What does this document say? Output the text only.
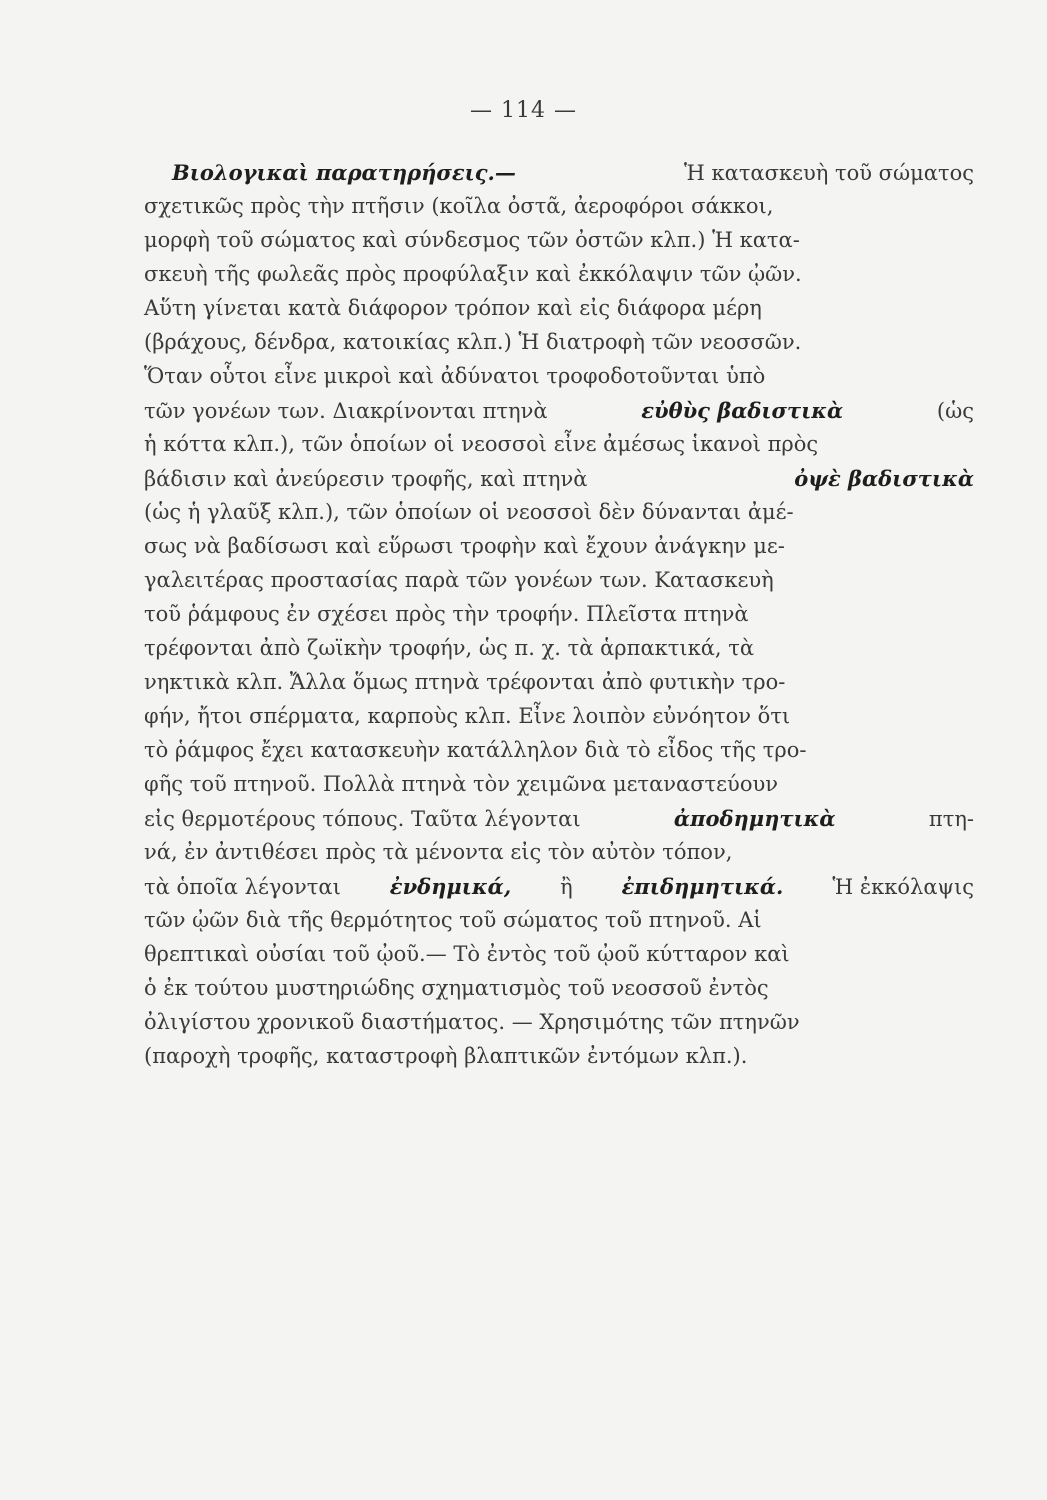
— 114 —
Βιολογικαὶ παρατηρήσεις.—	Ἡ κατασκευὴ τοῦ σώματος
σχετικῶς πρὸς τὴν πτῆσιν (κοῖλα ὀστᾶ, ἀεροφόροι σάκκοι,
μορφὴ τοῦ σώματος καὶ σύνδεσμος τῶν ὀστῶν κλπ.) Ἡ κατα-
σκευὴ τῆς φωλεᾶς πρὸς προφύλαξιν καὶ ἐκκόλαψιν τῶν ᾠῶν.
Αὕτη γίνεται κατὰ διάφορον τρόπον καὶ εἰς διάφορα μέρη
(βράχους, δένδρα, κατοικίας κλπ.) Ἡ διατροφὴ τῶν νεοσσῶν.
Ὅταν οὗτοι εἶνε μικροὶ καὶ ἀδύνατοι τροφοδοτοῦνται ὑπὸ
τῶν γονέων των. Διακρίνονται πτηνὰ	εὐθὺς βαδιστικὰ	(ὡς
ἡ κόττα κλπ.), τῶν ὁποίων οἱ νεοσσοὶ εἶνε ἀμέσως ἱκανοὶ πρὸς
βάδισιν καὶ ἀνεύρεσιν τροφῆς, καὶ πτηνὰ	ὀψὲ βαδιστικὰ
(ὡς ἡ γλαῦξ κλπ.), τῶν ὁποίων οἱ νεοσσοὶ δὲν δύνανται ἀμέ-
σως νὰ βαδίσωσι καὶ εὕρωσι τροφὴν καὶ ἔχουν ἀνάγκην με-
γαλειτέρας προστασίας παρὰ τῶν γονέων των. Κατασκευὴ
τοῦ ῥάμφους ἐν σχέσει πρὸς τὴν τροφήν. Πλεῖστα πτηνὰ
τρέφονται ἀπὸ ζωϊκὴν τροφήν, ὡς π. χ. τὰ ἁρπακτικά, τὰ
νηκτικὰ κλπ. Ἄλλα ὅμως πτηνὰ τρέφονται ἀπὸ φυτικὴν τρο-
φήν, ἤτοι σπέρματα, καρποὺς κλπ. Εἶνε λοιπὸν εὐνόητον ὅτι
τὸ ῥάμφος ἔχει κατασκευὴν κατάλληλον διὰ τὸ εἶδος τῆς τρο-
φῆς τοῦ πτηνοῦ. Πολλὰ πτηνὰ τὸν χειμῶνα μεταναστεύουν
εἰς θερμοτέρους τόπους. Ταῦτα λέγονται	ἀποδημητικὰ	πτη-
νά, ἐν ἀντιθέσει πρὸς τὰ μένοντα εἰς τὸν αὐτὸν τόπον,
τὰ ὁποῖα λέγονται ἐνδημικά, ἢ ἐπιδημητικά. Ἡ ἐκκόλαψις
τῶν ᾠῶν διὰ τῆς θερμότητος τοῦ σώματος τοῦ πτηνοῦ. Αἱ
θρεπτικαὶ οὐσίαι τοῦ ᾠοῦ.— Τὸ ἐντὸς τοῦ ᾠοῦ κύτταρον καὶ
ὁ ἐκ τούτου μυστηριώδης σχηματισμὸς τοῦ νεοσσοῦ ἐντὸς
ὀλιγίστου χρονικοῦ διαστήματος. — Χρησιμότης τῶν πτηνῶν
(παροχὴ τροφῆς, καταστροφὴ βλαπτικῶν ἐντόμων κλπ.).
